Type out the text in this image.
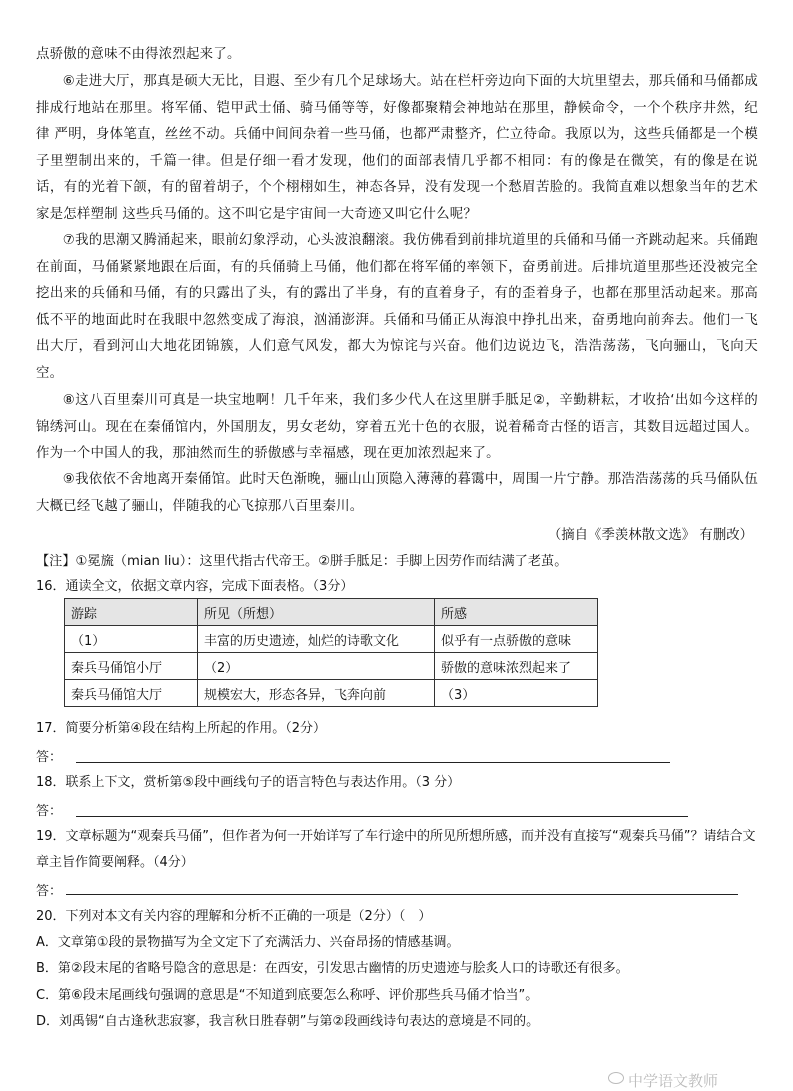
点骄傲的意味不由得浓烈起来了。
⑥走进大厅，那真是硕大无比，目遐、至少有几个足球场大。站在栏杆旁边向下面的大坑里望去，那兵俑和马俑都成排成行地站在那里。将军俑、铠甲武士俑、骑马俑等等，好像都聚精会神地站在那里，静候命令，一个个秩序井然，纪律 严明，身体笔直，丝丝不动。兵俑中间间杂着一些马俑，也都严肃整齐，伫立待命。我原以为，这些兵俑都是一个模子里塑制出来的，千篇一律。但是仔细一看才发现，他们的面部表情几乎都不相同：有的像是在微笑，有的像是在说话，有的光着下颌，有的留着胡子，个个栩栩如生，神态各异，没有发现一个愁眉苦脸的。我简直难以想象当年的艺术家是怎样塑制 这些兵马俑的。这不叫它是宇宙间一大奇迹又叫它什么呢？
⑦我的思潮又腾涌起来，眼前幻象浮动，心头波浪翻滚。我仿佛看到前排坑道里的兵俑和马俑一齐跳动起来。兵俑跑在前面，马俑紧紧地跟在后面，有的兵俑骑上马俑，他们都在将军俑的率领下，奋勇前进。后排坑道里那些还没被完全挖出来的兵俑和马俑，有的只露出了头，有的露出了半身，有的直着身子，有的歪着身子，也都在那里活动起来。那高低不平的地面此时在我眼中忽然变成了海浪，汹涌澎湃。兵俑和马俑正从海浪中挣扎出来，奋勇地向前奔去。他们一飞出大厅，看到河山大地花团锦簇，人们意气风发，都大为惊诧与兴奋。他们边说边飞，浩浩荡荡，飞向骊山，飞向天空。
⑧这八百里秦川可真是一块宝地啊！几千年来，我们多少代人在这里胼手胝足②，辛勤耕耘，才收拾‘出如今这样的锦绣河山。现在在秦俑馆内，外国朋友，男女老幼，穿着五光十色的衣服，说着稀奇古怪的语言，其数目远超过国人。作为一个中国人的我，那油然而生的骄傲感与幸福感，现在更加浓烈起来了。
⑨我依依不舍地离开秦俑馆。此时天色渐晚，骊山山顶隐入薄薄的暮霭中，周围一片宁静。那浩浩荡荡的兵马俑队伍大概已经飞越了骊山，伴随我的心飞掠那八百里秦川。
（摘自《季羡林散文选》 有删改）
【注】①冕旒（mian liu）：这里代指古代帝王。②胼手胝足：手脚上因劳作而结满了老茧。
16．通读全文，依据文章内容，完成下面表格。（3分）
游踪	所见（所想）	所感
（1）	丰富的历史遗迹，灿烂的诗歌文化	似乎有一点骄傲的意味
秦兵马俑馆小厅	（2）	骄傲的意味浓烈起来了
秦兵马俑馆大厅	规模宏大，形态各异，飞奔向前	（3）
17．简要分析第④段在结构上所起的作用。（2分）
答：
18．联系上下文，赏析第⑤段中画线句子的语言特色与表达作用。（3 分）
答：
19．文章标题为“观秦兵马俑”，但作者为何一开始详写了车行途中的所见所想所感，而并没有直接写“观秦兵马俑”？请结合文章主旨作简要阐释。（4分）
答：
20．下列对本文有关内容的理解和分析不正确的一项是（2分）（　）
A．文章第①段的景物描写为全文定下了充满活力、兴奋昂扬的情感基调。
B．第②段末尾的省略号隐含的意思是：在西安，引发思古幽情的历史遗迹与脍炙人口的诗歌还有很多。
C．第⑥段末尾画线句强调的意思是“不知道到底要怎么称呼、评价那些兵马俑才恰当”。
D．刘禹锡“自古逢秋悲寂寥，我言秋日胜春朝”与第②段画线诗句表达的意境是不同的。
中学语文教师
